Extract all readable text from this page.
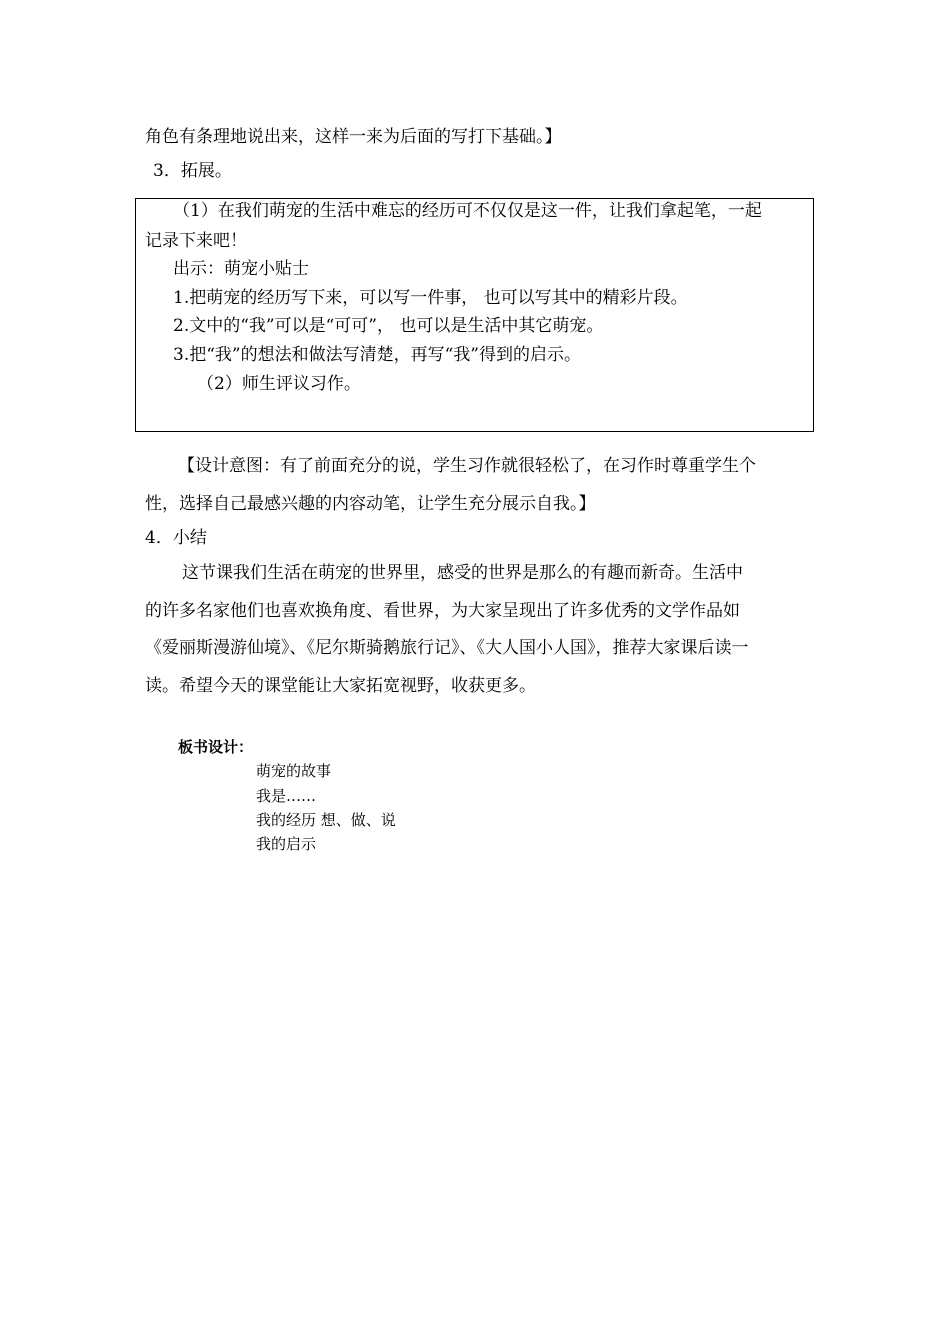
角色有条理地说出来，这样一来为后面的写打下基础。】

3．拓展。

（1）在我们萌宠的生活中难忘的经历可不仅仅是这一件，让我们拿起笔，一起

记录下来吧！

出示：萌宠小贴士

1.把萌宠的经历写下来，可以写一件事， 也可以写其中的精彩片段。

2.文中的“我”可以是“可可”， 也可以是生活中其它萌宠。

3.把“我”的想法和做法写清楚，再写“我”得到的启示。

（2）师生评议习作。

【设计意图：有了前面充分的说，学生习作就很轻松了，在习作时尊重学生个

性，选择自己最感兴趣的内容动笔，让学生充分展示自我。】

4．小结

这节课我们生活在萌宠的世界里，感受的世界是那么的有趣而新奇。生活中

的许多名家他们也喜欢换角度、看世界，为大家呈现出了许多优秀的文学作品如

《爱丽斯漫游仙境》、《尼尔斯骑鹅旅行记》、《大人国小人国》，推荐大家课后读一

读。希望今天的课堂能让大家拓宽视野，收获更多。

板书设计：

萌宠的故事

我是……

我的经历 想、做、说

我的启示
